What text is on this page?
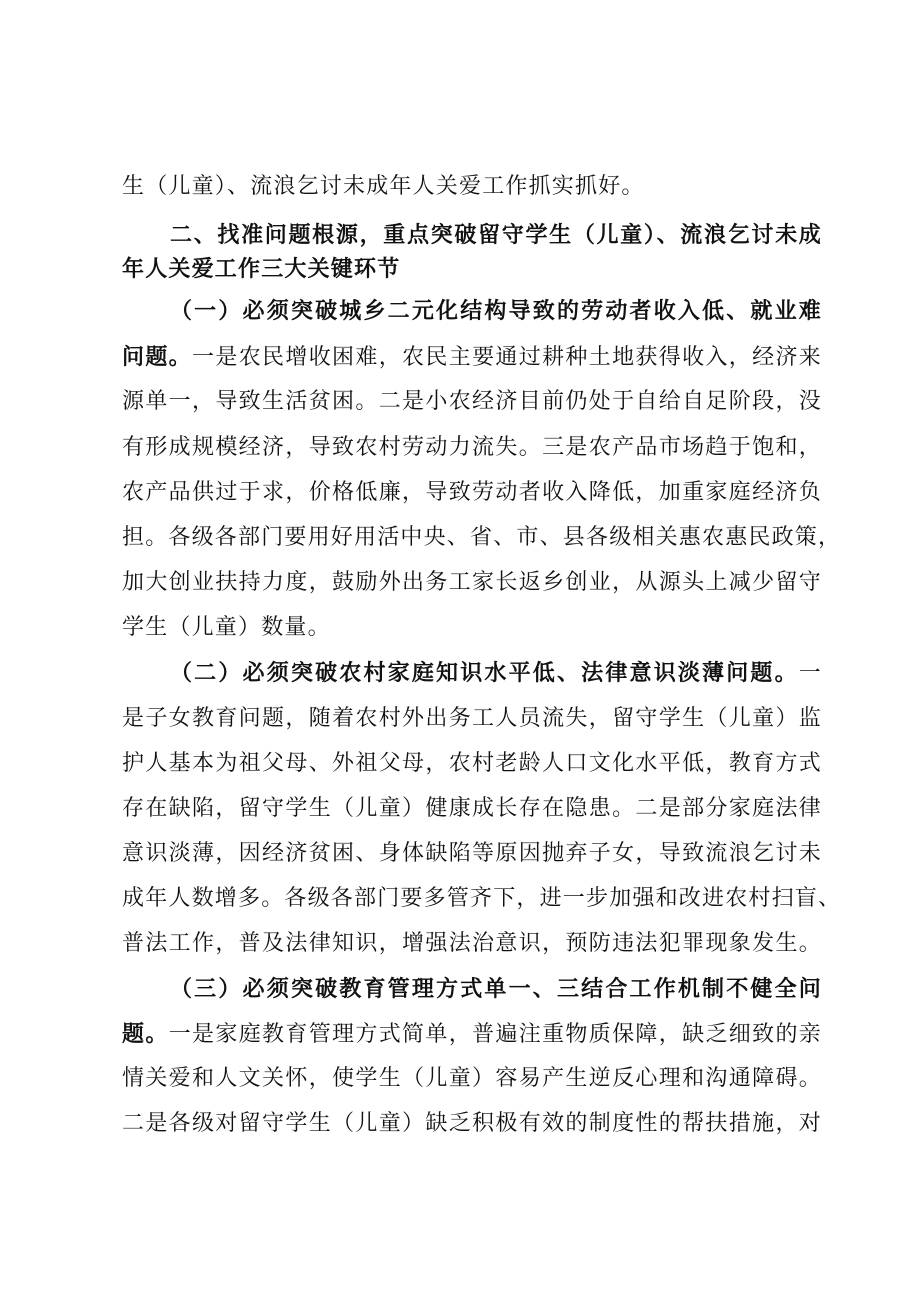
生（儿童）、流浪乞讨未成年人关爱工作抓实抓好。
二、找准问题根源，重点突破留守学生（儿童）、流浪乞讨未成
年人关爱工作三大关键环节
（一）必须突破城乡二元化结构导致的劳动者收入低、就业难
问题。一是农民增收困难，农民主要通过耕种土地获得收入，经济来
源单一，导致生活贫困。二是小农经济目前仍处于自给自足阶段，没
有形成规模经济，导致农村劳动力流失。三是农产品市场趋于饱和，
农产品供过于求，价格低廉，导致劳动者收入降低，加重家庭经济负
担。各级各部门要用好用活中央、省、市、县各级相关惠农惠民政策，
加大创业扶持力度，鼓励外出务工家长返乡创业，从源头上减少留守
学生（儿童）数量。
（二）必须突破农村家庭知识水平低、法律意识淡薄问题。一
是子女教育问题，随着农村外出务工人员流失，留守学生（儿童）监
护人基本为祖父母、外祖父母，农村老龄人口文化水平低，教育方式
存在缺陷，留守学生（儿童）健康成长存在隐患。二是部分家庭法律
意识淡薄，因经济贫困、身体缺陷等原因抛弃子女，导致流浪乞讨未
成年人数增多。各级各部门要多管齐下，进一步加强和改进农村扫盲、
普法工作，普及法律知识，增强法治意识，预防违法犯罪现象发生。
（三）必须突破教育管理方式单一、三结合工作机制不健全问
题。一是家庭教育管理方式简单，普遍注重物质保障，缺乏细致的亲
情关爱和人文关怀，使学生（儿童）容易产生逆反心理和沟通障碍。
二是各级对留守学生（儿童）缺乏积极有效的制度性的帮扶措施，对
